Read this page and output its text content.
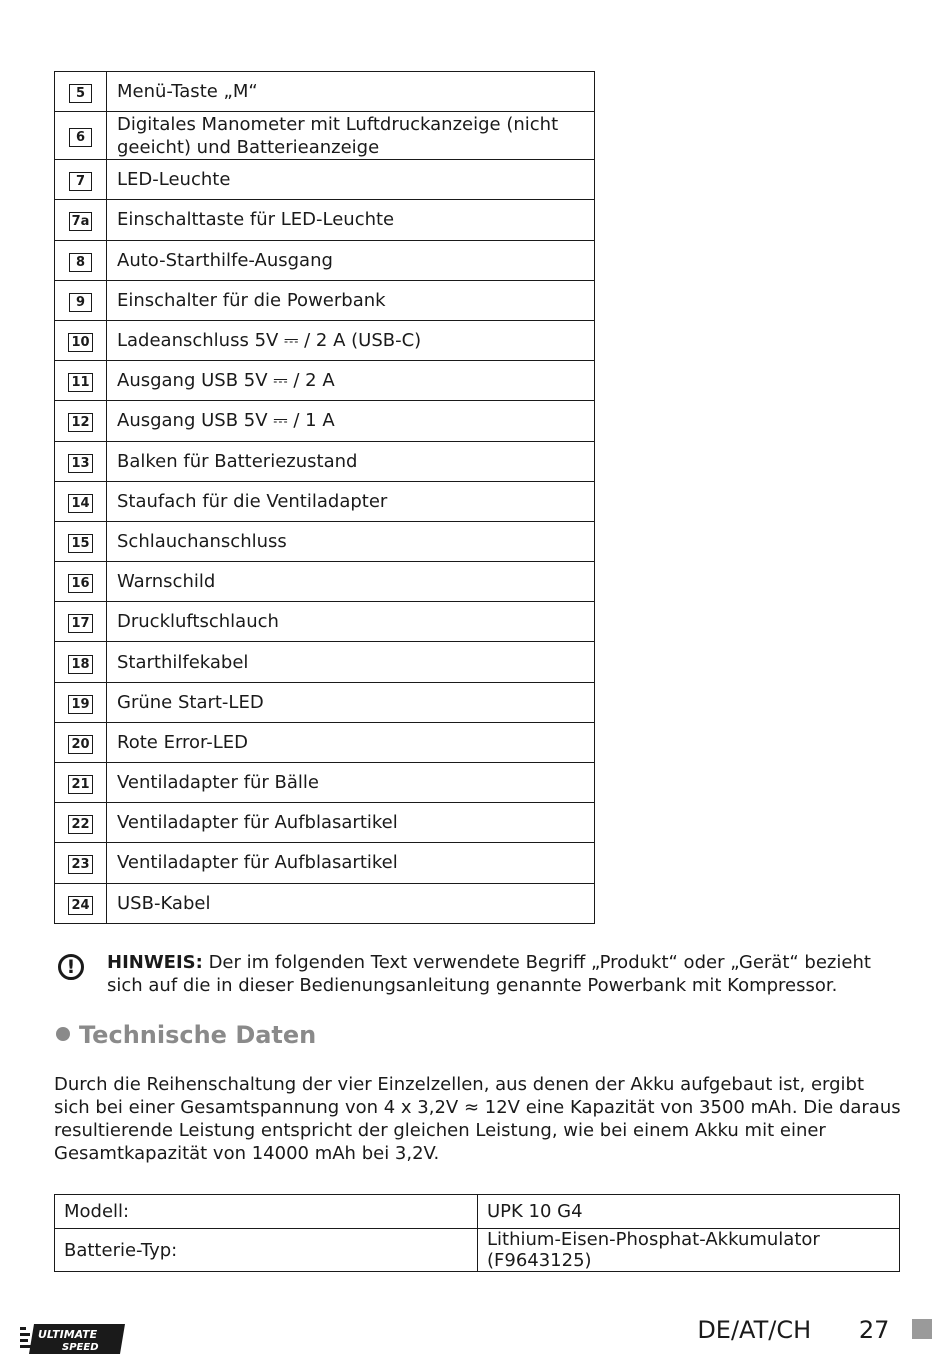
5	Menü-Taste „M“
6	Digitales Manometer mit Luftdruckanzeige (nicht geeicht) und Batterieanzeige
7	LED-Leuchte
7a	Einschalttaste für LED-Leuchte
8	Auto-Starthilfe-Ausgang
9	Einschalter für die Powerbank
10	Ladeanschluss 5V ⎓ / 2 A (USB-C)
11	Ausgang USB 5V ⎓ / 2 A
12	Ausgang USB 5V ⎓ / 1 A
13	Balken für Batteriezustand
14	Staufach für die Ventiladapter
15	Schlauchanschluss
16	Warnschild
17	Druckluftschlauch
18	Starthilfekabel
19	Grüne Start-LED
20	Rote Error-LED
21	Ventiladapter für Bälle
22	Ventiladapter für Aufblasartikel
23	Ventiladapter für Aufblasartikel
24	USB-Kabel
!	HINWEIS: Der im folgenden Text verwendete Begriff „Produkt“ oder „Gerät“ bezieht sich auf die in dieser Bedienungsanleitung genannte Powerbank mit Kompressor.
Technische Daten
Durch die Reihenschaltung der vier Einzelzellen, aus denen der Akku aufgebaut ist, ergibt sich bei einer Gesamtspannung von 4 x 3,2V ≈ 12V eine Kapazität von 3500 mAh. Die daraus resultierende Leistung entspricht der gleichen Leistung, wie bei einem Akku mit einer Gesamtkapazität von 14000 mAh bei 3,2V.
Modell:	UPK 10 G4
Batterie-Typ:	Lithium-Eisen-Phosphat-Akkumulator (F9643125)
ULTIMATE
SPEED
DE/AT/CH 27
